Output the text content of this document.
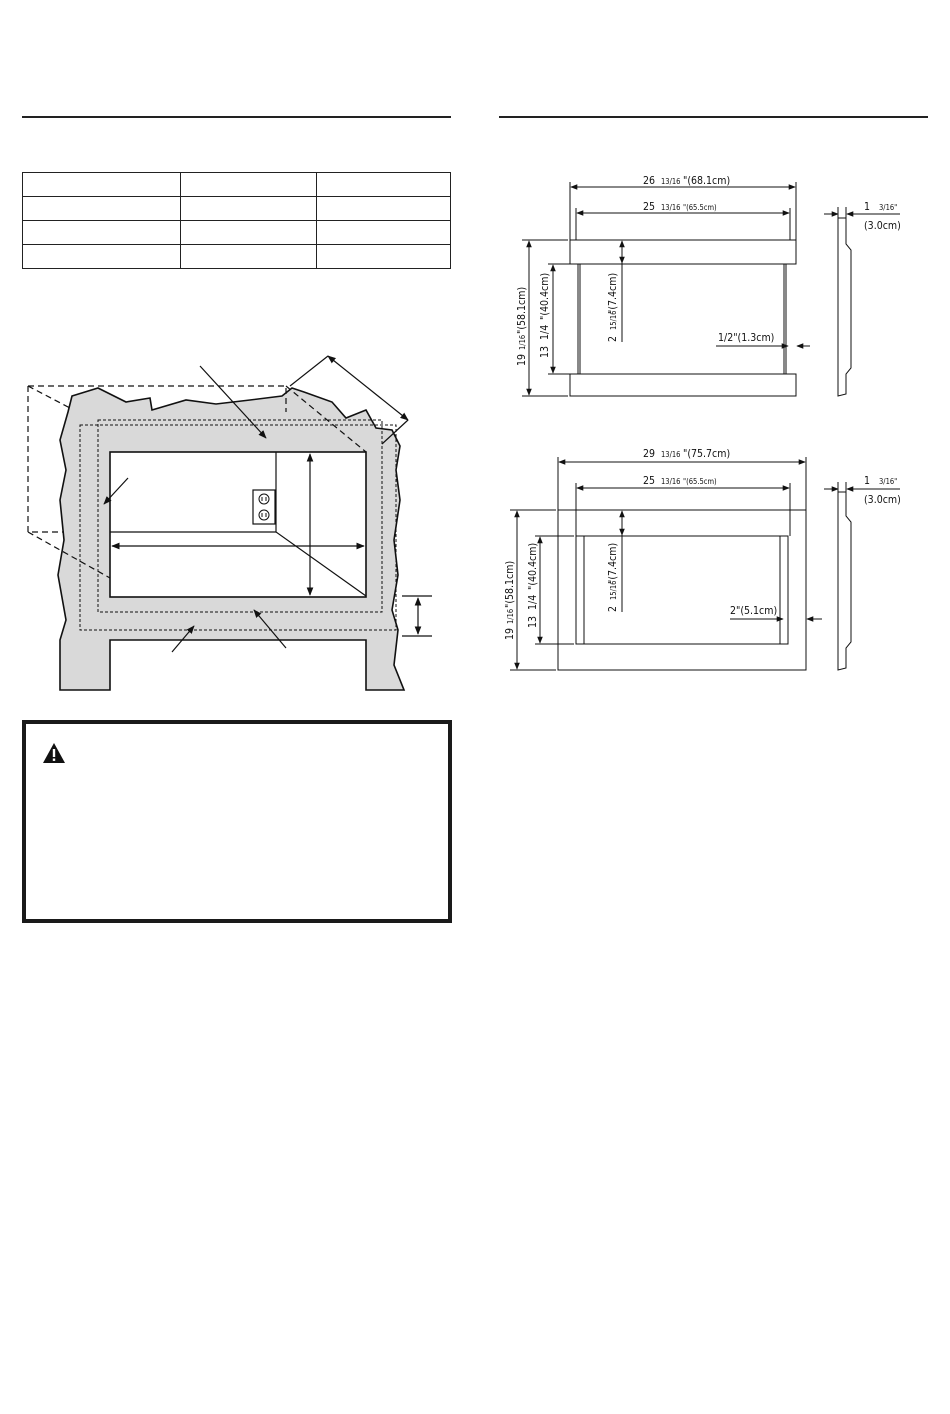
26 13/16 "(68.1cm)
25 13/16 "(65.5cm)
19
1/16
"(58.1cm)
13
1/4
"(40.4cm)
2
15/16
"(7.4cm)
1/2"(1.3cm)
1 3/16"
(3.0cm)
29 13/16 "(75.7cm)
25 13/16 "(65.5cm)
19
1/16
"(58.1cm)
13
1/4
"(40.4cm)
2
15/16
"(7.4cm)
2"(5.1cm)
1 3/16"
(3.0cm)
